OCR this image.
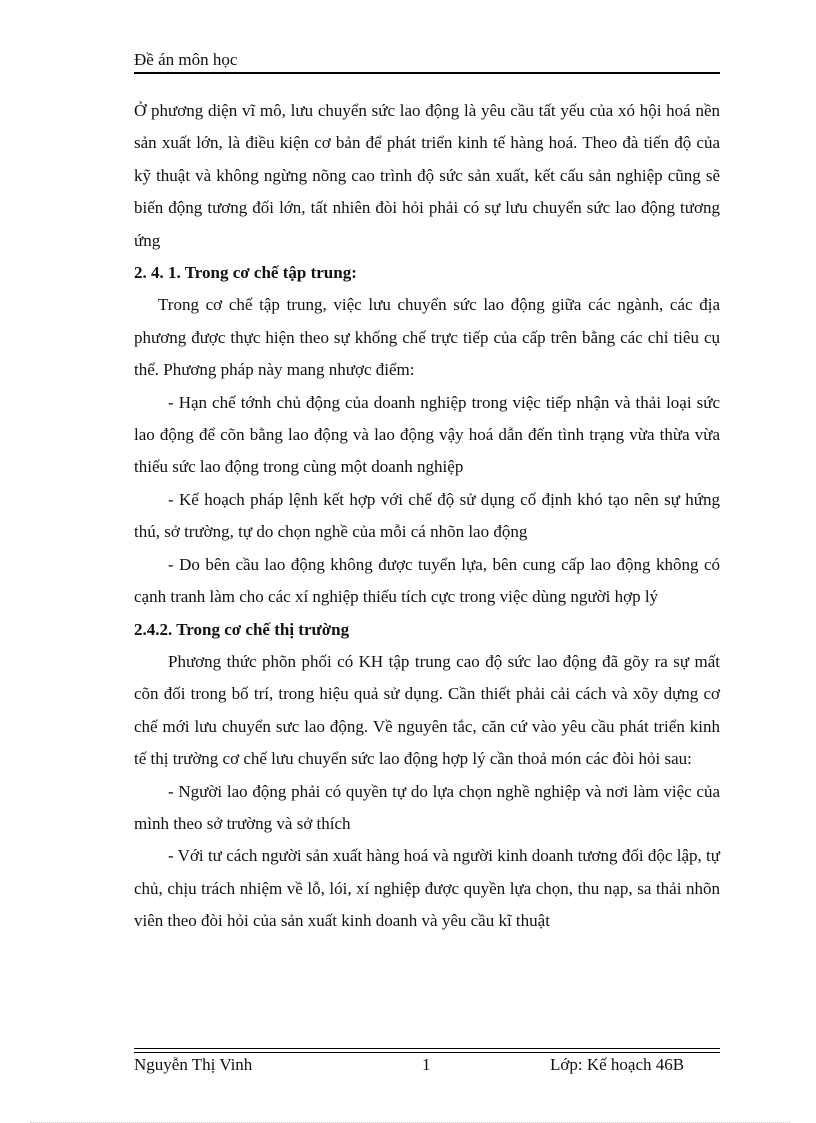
Đề án môn học

Ở phương diện vĩ mô, lưu chuyển sức lao động là yêu cầu tất yếu của xó hội hoá nền sản xuất lớn, là điều kiện cơ bản để phát triển kinh tế hàng hoá. Theo đà tiến độ của kỹ thuật và không ngừng nõng cao trình độ sức sản xuất, kết cấu sản nghiệp cũng sẽ biến động tương đối lớn, tất nhiên đòi hỏi phải có sự lưu chuyển sức lao động tương ứng

2. 4. 1. Trong cơ chế tập trung:

Trong cơ chế tập trung, việc lưu chuyển sức lao động giữa các ngành, các địa phương được thực hiện theo sự khống chế trực tiếp của cấp trên bằng các chỉ tiêu cụ thể. Phương pháp này mang nhược điểm:

- Hạn chế tớnh chủ động của doanh nghiệp trong việc tiếp nhận và thải loại sức lao động để cõn bằng lao động và lao động vậy hoá dẫn đến tình trạng vừa thừa vừa thiếu sức lao động trong cùng một doanh nghiệp

- Kế hoạch pháp lệnh kết hợp với chế độ sử dụng cố định khó tạo nên sự hứng thú, sở trường, tự do chọn nghề của mỗi cá nhõn lao động

- Do bên cầu lao động không được tuyển lựa, bên cung cấp lao động không có cạnh tranh làm cho các xí nghiệp thiếu tích cực trong việc dùng người hợp lý

2.4.2. Trong cơ chế thị trường

Phương thức phõn phối có KH tập trung cao độ sức lao động đã gõy ra sự mất cõn đối trong bố trí, trong hiệu quả sử dụng. Cần thiết phải cải cách và xõy dựng cơ chế mới lưu chuyển sưc lao động. Về nguyên tắc, căn cứ vào yêu cầu phát triển kinh tế thị trường cơ chế lưu chuyển sức lao động hợp lý cần thoả món các đòi hỏi sau:

- Người lao động phải có quyền tự do lựa chọn nghề nghiệp và nơi làm việc của mình theo sở trường và sở thích

- Với tư cách người sản xuất hàng hoá và người kinh doanh tương đối độc lập, tự chủ, chịu trách nhiệm về lỗ, lói, xí nghiệp được quyền lựa chọn, thu nạp, sa thải nhõn viên theo đòi hỏi của sản xuất kinh doanh và yêu cầu kĩ thuật

Nguyễn Thị Vinh	1	Lớp: Kế hoạch 46B
